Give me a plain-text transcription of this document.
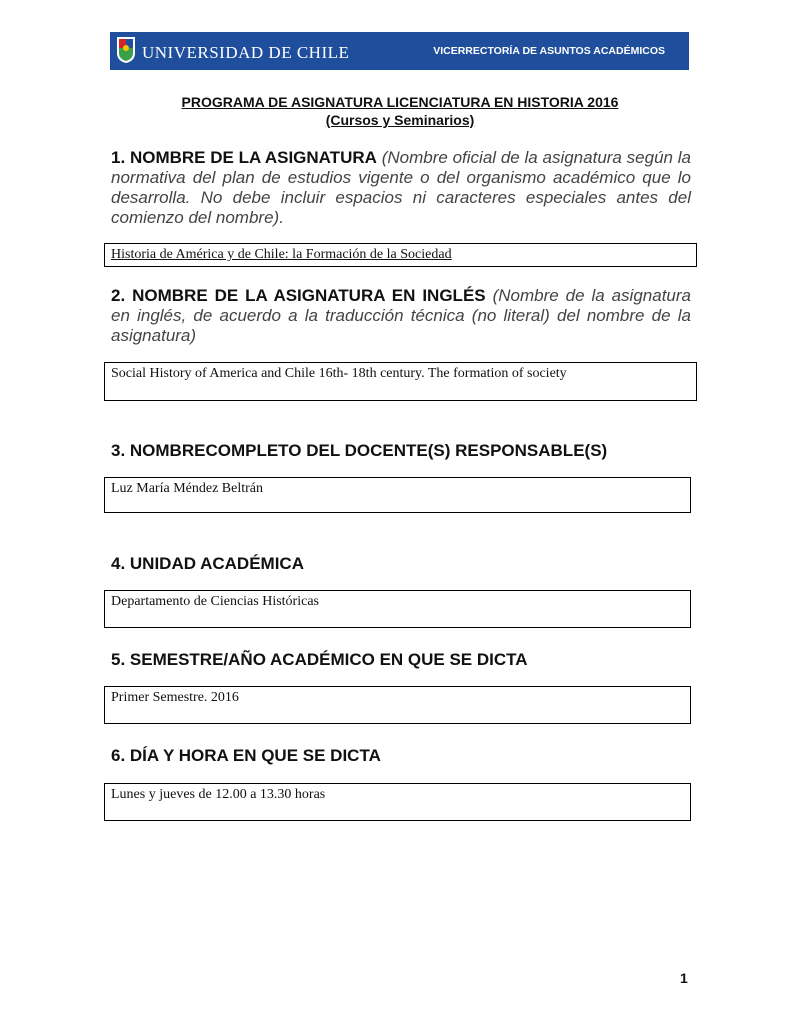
UNIVERSIDAD DE CHILE	VICERRECTORÍA DE ASUNTOS ACADÉMICOS
PROGRAMA DE ASIGNATURA LICENCIATURA EN HISTORIA 2016
(Cursos y Seminarios)
1. NOMBRE DE LA ASIGNATURA (Nombre oficial de la asignatura según la normativa del plan de estudios vigente o del organismo académico que lo desarrolla. No debe incluir espacios ni caracteres especiales antes del comienzo del nombre).
Historia de América y de Chile: la Formación de la Sociedad
2. NOMBRE DE LA ASIGNATURA EN INGLÉS (Nombre de la asignatura en inglés, de acuerdo a la traducción técnica (no literal) del nombre de la asignatura)
Social History of America and Chile 16th- 18th century. The formation of society
3. NOMBRECOMPLETO DEL DOCENTE(S) RESPONSABLE(S)
Luz María Méndez Beltrán
4. UNIDAD ACADÉMICA
Departamento de Ciencias Históricas
5. SEMESTRE/AÑO ACADÉMICO EN QUE SE DICTA
Primer Semestre. 2016
6. DÍA Y HORA EN QUE SE DICTA
Lunes y jueves de 12.00 a 13.30 horas
1
